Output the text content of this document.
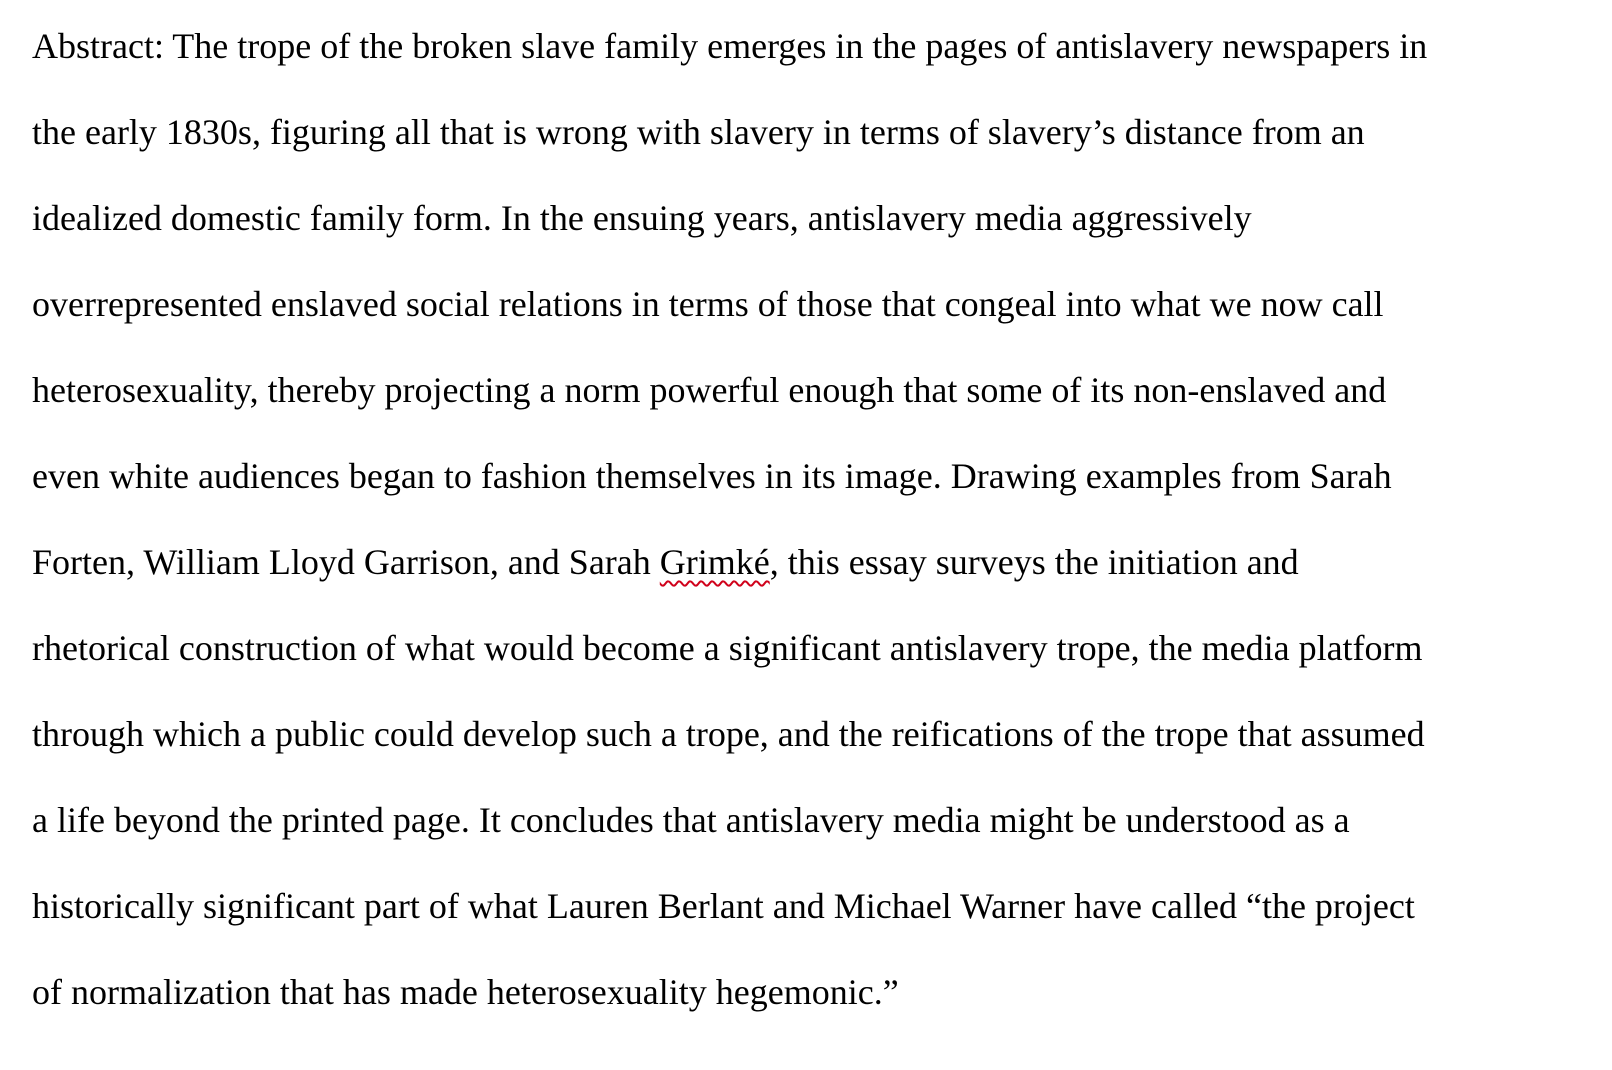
Abstract: The trope of the broken slave family emerges in the pages of antislavery newspapers in
the early 1830s, figuring all that is wrong with slavery in terms of slavery’s distance from an
idealized domestic family form. In the ensuing years, antislavery media aggressively
overrepresented enslaved social relations in terms of those that congeal into what we now call
heterosexuality, thereby projecting a norm powerful enough that some of its non-enslaved and
even white audiences began to fashion themselves in its image. Drawing examples from Sarah
Forten, William Lloyd Garrison, and Sarah Grimké, this essay surveys the initiation and
rhetorical construction of what would become a significant antislavery trope, the media platform
through which a public could develop such a trope, and the reifications of the trope that assumed
a life beyond the printed page. It concludes that antislavery media might be understood as a
historically significant part of what Lauren Berlant and Michael Warner have called “the project
of normalization that has made heterosexuality hegemonic.”
